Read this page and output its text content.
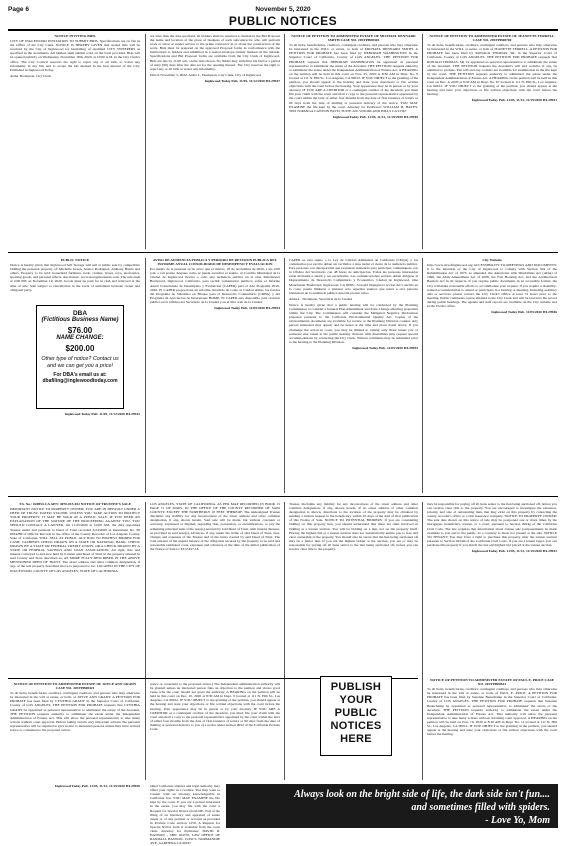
Page 6	November 5, 2020
PUBLIC NOTICES

NOTICE INVITING BIDS

CITY OF INGLEWOOD INVITATION TO SUBMIT BIDS. Specifications are on file in the Office of the City Clerk. NOTICE IS HEREBY GIVEN that sealed bids will be received by the City of Inglewood for furnishing of qualified CITY SWEEPERS as specified in the documents. All bidders shall submit a bid on the form provided. Bids will be opened publicly on Wednesday, November 18th, 2020, at 10:00 A.M. in the City Clerk's office. The City Council reserves the right to reject any or all bids, to waive any informality in any bid, and to accept the bid deemed in the best interest of the City. Published in Inglewood Today.

Aisha Thompson, City Clerk

not later than the date specified, all bidders shall be required to furnish in the Bid Proposal the name and location of the place of business of each subcontractor who will perform work or labor or render service to the prime contractor in or about the construction of the work. Bids must be prepared on the approved Proposal forms in conformance with the instructions to bidders and submitted in a sealed envelope plainly marked on the outside. Specifications and Bid Proposal forms are available from the City Clerk of Inglewood. Bids are due by 11:00 a.m. on the date shown. No bidder may withdraw his bid for a period of sixty (60) days after the date set for the opening thereof. The City reserves the right to reject any or all bids or waive any informality.

Dated: November 5, 2020. Aisha L. Thompson, City Clerk, City of Inglewood

Inglewood Today Pub. 11/05, 11/12/2020 HI-29947

NOTICE OF PETITION TO ADMINISTER ESTATE OF MICHAEL DENNARD SMITH CASE NO. 20STPB08304

To all heirs, beneficiaries, creditors, contingent creditors, and persons who may otherwise be interested in the WILL or estate, or both of MICHAEL DENNARD SMITH. A PETITION FOR PROBATE has been filed by DEBORAH WASHINGTON in the Superior Court of California, County of LOS ANGELES. THE PETITION FOR PROBATE requests that DEBORAH WASHINGTON be appointed as personal representative to administer the estate of the decedent. THE PETITION requests authority to administer the estate under the Independent Administration of Estates Act. A HEARING on the petition will be held in this court on Nov. 25, 2020 at 8:30 AM in Dept. No. 9 located at 111 N. Hill St., Los Angeles, CA 90012. IF YOU OBJECT to the granting of the petition, you should appear at the hearing and state your objections or file written objections with the court before the hearing. Your appearance may be in person or by your attorney. IF YOU ARE A CREDITOR or a contingent creditor of the decedent, you must file your claim with the court and mail a copy to the personal representative appointed by the court within the later of either four months from the date of first issuance of letters or 60 days from the date of mailing or personal delivery of the notice. YOU MAY EXAMINE the file kept by the court. Attorney for Petitioner: WILLIAM H. HAYES, 5959 TOPANGA CANYON BLVD, SUITE 220, WOODLAND HILLS CA 91367

Inglewood Today Pub. 11/05, 11/12, 11/19/2020 HI-29949

NOTICE OF PETITION TO ADMINISTER ESTATE OF JEANETTE TERRELL CASE NO. 20STPB08700

To all heirs, beneficiaries, creditors, contingent creditors, and persons who may otherwise be interested in the WILL or estate, or both of JEANETTE TERRELL. A PETITION FOR PROBATE has been filed by RONALD THOMAS, SR. in the Superior Court of California, County of LOS ANGELES. THE PETITION FOR PROBATE requests that RONALD THOMAS, SR. be appointed as personal representative to administer the estate of the decedent. THE PETITION requests the decedent's will and codicils, if any, be admitted to probate. The will and any codicils are available for examination in the file kept by the court. THE PETITION requests authority to administer the estate under the Independent Administration of Estates Act. A HEARING on the petition will be held in this court on Dec. 4, 2020 at 8:30 AM in Dept. No. 67 located at 111 N. Hill St., Los Angeles, CA 90012. IF YOU OBJECT to the granting of the petition, you should appear at the hearing and state your objections or file written objections with the court before the hearing.

Inglewood Today Pub. 11/05, 11/12, 11/19/2020 HI-29951

PUBLIC NOTICE

Notice is hereby given that Inglewood Self Storage will sell at public sale by competitive bidding the personal property of: Michelle Green, Jessica Rodriguez, Anthony Harris and others. Property to be sold: household furniture, beds, clothes, boxes, toys, electronics, sporting goods, and personal effects. Auctioneer: www.storagetreasures.com. The sale ends at 2:00 PM on November 19, 2020. Goods must be paid for in cash and removed at the time of sale. Sale subject to cancellation in the event of settlement between owner and obligated party.

DBA
(Fictitious Business Name)
$76.00
NAME CHANGE:
$200.00
Other type of notice? Contact us and we can get you a price!
For DBA's email us at: dbafiling@inglewoodtoday.com

Inglewood Today Pub. 11/05, 11/12/2020 HI-29942

AVISO DE AUDIENCIA PUBLICA Y PERIODO DE REVISION PUBLICA DEL INFORME ANUAL CONSOLIDADO DE DESEMPENO Y EVALUACION

Por medio de la presente se da aviso que el martes, 18 de noviembre de 2020, a las 2:00 p.m. o tan pronto despues como se pueda escuchar el asunto, el Concilio Municipal de la Ciudad de Inglewood llevara a cabo una audiencia publica en el One Manchester Boulevard, Inglewood, California, para recibir comentarios publicos sobre el Informe Anual Consolidado de Desempeno y Evaluacion (CAPER) para el Ano Programa 2019-2020. El CAPER proporciona un informe detallado de como la Ciudad utilizo los fondos del Programa de Subsidios en Bloque para el Desarrollo Comunitario (CDBG) y del Programa de Asociacion de Inversiones HOME. El CAPER esta disponible para revision publica en la Oficina del Secretario de la Ciudad y en el sitio web de la Ciudad.

Inglewood Today Pub. 11/05/2020 HI-29954

CAPER se esta sujeto a la Ley de Calidad Ambiental de California (CEQA) y los comentarios por escrito deben ser recibidos a mas tardar el cierre de la audiencia publica. Para personas con discapacidad que requieran asistencia para participar, comuniquese con la Oficina del Secretario con 48 horas de anticipacion. Todas las personas interesadas estan invitadas a asistir y ser escuchadas. Las comunicaciones escritas deben dirigirse al Departamento de Desarrollo Comunitario y Economico, Ciudad de Inglewood, One Manchester Boulevard, Inglewood, CA 90301. Si usted impugna la accion del Concilio en la corte, puede limitarse a plantear solo aquellos asuntos que usted u otra persona plantearon en la audiencia publica descrita en este aviso.

Aisha L. Thompson, Secretaria de la Ciudad

Notice is hereby given that a public hearing will be conducted by the Planning Commission to consider a General Plan Amendment and Zone Change affecting properties within the City. The Commission will consider the Mitigated Negative Declaration prepared pursuant to the California Environmental Quality Act. Copies of the environmental documents are available for review at the Planning Division counter. Any person interested may appear and be heard at the time and place noted above. If you challenge the action in court, you may be limited to raising only those issues you or someone else raised at the public hearing. Persons with disabilities may request special accommodations by contacting the City Clerk. Written comments may be submitted prior to the hearing to the Planning Division.

Inglewood Today Pub. 11/05/2020 HI-29955

City Website

http://www.cityofinglewood.org ACCESSIBILITY TO MEETINGS AND DOCUMENTS: It is the intention of the City of Inglewood to comply with Section 504 of the Rehabilitation Act of 1973, as amended, the Americans with Disabilities Act (ADA) of 1990, the ADA Amendment Act of 2008, the Fair Housing Act, and the Architectural Barriers Act in all respects. If you require public documents in an accessible format, the City will make reasonable efforts to accommodate your request. If you require a disability-related accommodation to attend or participate in a hearing or meeting, including auxiliary aids or services, please contact the City Clerk's Office at least 72 hours prior to the meeting. Public comments can be emailed to the City Clerk and will be read into the record during public hearings. The agenda and staff reports are available on the City website and in the Clerk's office.

Inglewood Today Pub. 11/05/2020 HI-29946

T.S. No.: 020854-CA APN: 4070-015-022 NOTICE OF TRUSTEE'S SALE

IMPORTANT NOTICE TO PROPERTY OWNER: YOU ARE IN DEFAULT UNDER A DEED OF TRUST, DATED 3/16/2006. UNLESS YOU TAKE ACTION TO PROTECT YOUR PROPERTY, IT MAY BE SOLD AT A PUBLIC SALE. IF YOU NEED AN EXPLANATION OF THE NATURE OF THE PROCEEDING AGAINST YOU, YOU SHOULD CONTACT A LAWYER. On 11/25/2020 at 10:00 AM, the duly appointed Trustee under and pursuant to Deed of Trust recorded 3/24/2006 as Instrument No. 06 0634289 of Official Records in the office of the County Recorder of Los Angeles County, State of California, WILL SELL AT PUBLIC AUCTION TO HIGHEST BIDDER FOR CASH, CASHIER'S CHECK DRAWN ON A STATE OR NATIONAL BANK, CHECK DRAWN BY A STATE OR FEDERAL CREDIT UNION, OR A CHECK DRAWN BY A STATE OR FEDERAL SAVINGS AND LOAN ASSOCIATION. All right, title and interest conveyed to and now held by it under said Deed of Trust in the property situated in said County and State described as: AS MORE FULLY DESCRIBED IN THE ABOVE MENTIONED DEED OF TRUST. The street address and other common designation, if any, of the real property described above is purported to be: LOCATED IN THE CITY OF INGLEWOOD, COUNTY OF LOS ANGELES, STATE OF CALIFORNIA.

LOS ANGELES, STATE OF CALIFORNIA. AS PER MAP RECORDED IN BOOK 15 PAGE 71 OF MAPS, IN THE OFFICE OF THE COUNTY RECORDER OF SAID COUNTY. EXCEPT THE NORTHERLY 10 FEET THEREOF. The undersigned Trustee disclaims any liability for any incorrectness of the street address and other common designation, if any, shown herein. Said sale will be made, but without covenant or warranty, expressed or implied, regarding title, possession, or encumbrances, to pay the remaining principal sum of the note(s) secured by said Deed of Trust, with interest thereon, as provided in said note(s), advances, if any, under the terms of said Deed of Trust, fees, charges and expenses of the Trustee and of the trusts created by said Deed of Trust. The total amount of the unpaid balance of the obligation secured by the property to be sold and reasonable estimated costs, expenses and advances at the time of the initial publication of the Notice of Sale is: $312,457.18.

Trustee disclaims any liability for any incorrectness of the street address and other common designation, if any, shown herein. If no street address or other common designation is shown, directions to the location of the property may be obtained by sending a written request to the beneficiary within 10 days of the date of first publication of this Notice of Sale. NOTICE TO POTENTIAL BIDDERS: If you are considering bidding on this property lien, you should understand that there are risks involved in bidding at a trustee auction. You will be bidding on a lien, not on the property itself. Placing the highest bid at a trustee auction does not automatically entitle you to free and clear ownership of the property. You should also be aware that the lien being auctioned off may be a junior lien. If you are the highest bidder at the auction, you are or may be responsible for paying off all liens senior to the lien being auctioned off, before you can receive clear title to the property.

may be responsible for paying off all liens senior to the lien being auctioned off, before you can receive clear title to the property. You are encouraged to investigate the existence, priority, and size of outstanding liens that may exist on this property by contacting the county recorder's office or a title insurance company. NOTICE TO PROPERTY OWNER: The sale date shown on this notice of sale may be postponed one or more times by the mortgagee, beneficiary, trustee, or a court, pursuant to Section 2924g of the California Civil Code. The law requires that information about trustee sale postponements be made available to you and to the public, as a courtesy to those not present at the sale. NOTICE TO TENANT: You may have a right to purchase this property after the trustee auction pursuant to Section 2924m of the California Civil Code. If you are a tenant buyer, you can purchase this property if you match the last and highest bid placed at the trustee auction.

Inglewood Today Pub. 11/05, 11/12, 11/19/2020 HI-29941

NOTICE OF PETITION TO ADMINISTER ESTATE OF JOYCE ANN GRADY CASE NO. 20STPB08421

To all heirs, beneficiaries, creditors, contingent creditors, and persons who may otherwise be interested in the will or estate, or both, of JOYCE ANN GRADY. A PETITION FOR PROBATE has been filed by CYNTHIA GRADY in the Superior Court of California, County of LOS ANGELES. THE PETITION FOR PROBATE requests that CYNTHIA GRADY be appointed as personal representative to administer the estate of the decedent. THE PETITION requests authority to administer the estate under the Independent Administration of Estates Act. This will allow the personal representative to take many actions without court approval. Before taking certain very important actions, the personal representative will be required to give notice to interested persons unless they have waived notice or consented to the proposed action.

notice or consented to the proposed action.) The independent administration authority will be granted unless an interested person files an objection to the petition and shows good cause why the court should not grant the authority. A HEARING on the petition will be held in this court on Dec. 10, 2020 at 8:30 AM in Dept. 9 located at 111 N. Hill St., Los Angeles, CA 90012. IF YOU OBJECT to the granting of the petition, you should appear at the hearing and state your objections or file written objections with the court before the hearing. Your appearance may be in person or by your attorney. IF YOU ARE A CREDITOR or a contingent creditor of the decedent, you must file your claim with the court and mail a copy to the personal representative appointed by the court within the later of either four months from the date of first issuance of letters or 60 days from the date of mailing or personal delivery to you of a notice under section 9052 of the California Probate Code.

PUBLISH YOUR PUBLIC NOTICES HERE

NOTICE OF PETITION TO ADMINISTER ESTATE OF PAUL E. PRICE CASE NO. 20STPB08612

To all heirs, beneficiaries, creditors, contingent creditors, and persons who may otherwise be interested in the will or estate, or both, of PAUL E. PRICE. A PETITION FOR PROBATE has been filed by Suzanne Beauchamp in the Superior Court of California, County of LOS ANGELES. THE PETITION FOR PROBATE requests that Suzanne Beauchamp be appointed as personal representative to administer the estate of the decedent. THE PETITION requests authority to administer the estate under the Independent Administration of Estates Act. This authority will allow the personal representative to take many actions without obtaining court approval. A HEARING on the petition will be held on Nov. 19, 2020 at 8:30 AM in Dept. No. 11 located at 111 N. Hill St., Los Angeles, CA 90012. IF YOU OBJECT to the granting of the petition, you should appear at the hearing and state your objections or file written objections with the court before the hearing.

Inglewood Today Pub. 11/05, 11/12, 11/19/2020 HI-29950	Other California statutes and legal authority may affect your rights as a creditor. You may want to consult with an attorney knowledgeable in California law. YOU MAY EXAMINE the file kept by the court. If you are a person interested in the estate, you may file with the court a Request for Special Notice (form DE-154) of the filing of an inventory and appraisal of estate assets or of any petition or account as provided in Probate Code section 1250. A Request for Special Notice form is available from the court clerk. Attorney for Petitioner: DAVID R. HANSON - SBN 104776, LAW OFFICE OF RANDALL HANSON, 15450 S. NORMANDIE AVE, GARDENA CA 90247

Always look on the bright side of life, the dark side isn't fun....
and sometimes filled with spiders.
- Love Yo, Mom
